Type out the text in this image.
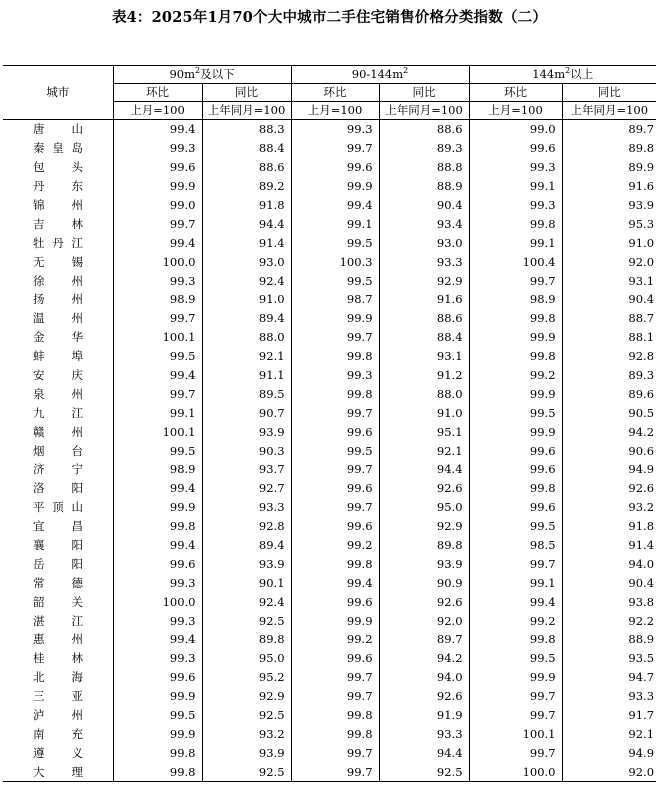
表4：2025年1月70个大中城市二手住宅销售价格分类指数（二）
城市	$90m^2$及以下		$90-144m^2$		$144m^2$以上	
	环比	同比	环比	同比	环比	同比
	上月=100	上年同月=100	上月=100	上年同月=100	上月=100	上年同月=100
唐山	99.4	88.3	99.3	88.6	99.0	89.7
秦皇岛	99.3	88.4	99.7	89.3	99.6	89.8
包头	99.6	88.6	99.6	88.8	99.3	89.9
丹东	99.9	89.2	99.9	88.9	99.1	91.6
锦州	99.0	91.8	99.4	90.4	99.3	93.9
吉林	99.7	94.4	99.1	93.4	99.8	95.3
牡丹江	99.4	91.4	99.5	93.0	99.1	91.0
无锡	100.0	93.0	100.3	93.3	100.4	92.0
徐州	99.3	92.4	99.5	92.9	99.7	93.1
扬州	98.9	91.0	98.7	91.6	98.9	90.4
温州	99.7	89.4	99.9	88.6	99.8	88.7
金华	100.1	88.0	99.7	88.4	99.9	88.1
蚌埠	99.5	92.1	99.8	93.1	99.8	92.8
安庆	99.4	91.1	99.3	91.2	99.2	89.3
泉州	99.7	89.5	99.8	88.0	99.9	89.6
九江	99.1	90.7	99.7	91.0	99.5	90.5
赣州	100.1	93.9	99.6	95.1	99.9	94.2
烟台	99.5	90.3	99.5	92.1	99.6	90.6
济宁	98.9	93.7	99.7	94.4	99.6	94.9
洛阳	99.4	92.7	99.6	92.6	99.8	92.6
平顶山	99.9	93.3	99.7	95.0	99.6	93.2
宜昌	99.8	92.8	99.6	92.9	99.5	91.8
襄阳	99.4	89.4	99.2	89.8	98.5	91.4
岳阳	99.6	93.9	99.8	93.9	99.7	94.0
常德	99.3	90.1	99.4	90.9	99.1	90.4
韶关	100.0	92.4	99.6	92.6	99.4	93.8
湛江	99.3	92.5	99.9	92.0	99.2	92.2
惠州	99.4	89.8	99.2	89.7	99.8	88.9
桂林	99.3	95.0	99.6	94.2	99.5	93.5
北海	99.6	95.2	99.7	94.0	99.9	94.7
三亚	99.9	92.9	99.7	92.6	99.7	93.3
泸州	99.5	92.5	99.8	91.9	99.7	91.7
南充	99.9	93.2	99.8	93.3	100.1	92.1
遵义	99.8	93.9	99.7	94.4	99.7	94.9
大理	99.8	92.5	99.7	92.5	100.0	92.0
